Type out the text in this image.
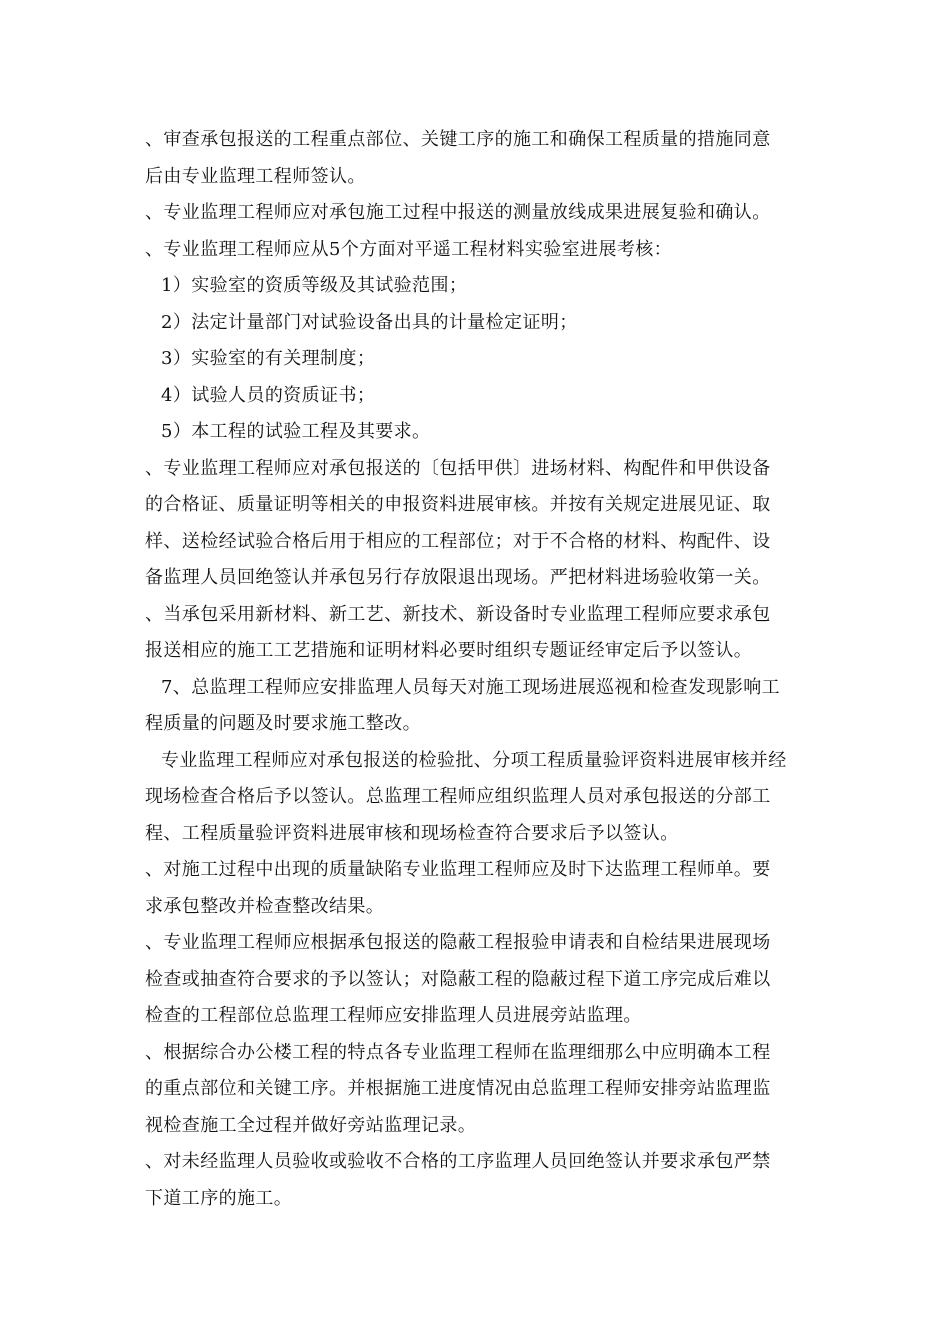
、审查承包报送的工程重点部位、关键工序的施工和确保工程质量的措施同意
后由专业监理工程师签认。
、专业监理工程师应对承包施工过程中报送的测量放线成果进展复验和确认。
、专业监理工程师应从5个方面对平遥工程材料实验室进展考核：
1）实验室的资质等级及其试验范围；
2）法定计量部门对试验设备出具的计量检定证明；
3）实验室的有关理制度；
4）试验人员的资质证书；
5）本工程的试验工程及其要求。
、专业监理工程师应对承包报送的〔包括甲供〕进场材料、构配件和甲供设备
的合格证、质量证明等相关的申报资料进展审核。并按有关规定进展见证、取
样、送检经试验合格后用于相应的工程部位；对于不合格的材料、构配件、设
备监理人员回绝签认并承包另行存放限退出现场。严把材料进场验收第一关。
、当承包采用新材料、新工艺、新技术、新设备时专业监理工程师应要求承包
报送相应的施工工艺措施和证明材料必要时组织专题证经审定后予以签认。
7、总监理工程师应安排监理人员每天对施工现场进展巡视和检查发现影响工
程质量的问题及时要求施工整改。
专业监理工程师应对承包报送的检验批、分项工程质量验评资料进展审核并经
现场检查合格后予以签认。总监理工程师应组织监理人员对承包报送的分部工
程、工程质量验评资料进展审核和现场检查符合要求后予以签认。
、对施工过程中出现的质量缺陷专业监理工程师应及时下达监理工程师单。要
求承包整改并检查整改结果。
、专业监理工程师应根据承包报送的隐蔽工程报验申请表和自检结果进展现场
检查或抽查符合要求的予以签认；对隐蔽工程的隐蔽过程下道工序完成后难以
检查的工程部位总监理工程师应安排监理人员进展旁站监理。
、根据综合办公楼工程的特点各专业监理工程师在监理细那么中应明确本工程
的重点部位和关键工序。并根据施工进度情况由总监理工程师安排旁站监理监
视检查施工全过程并做好旁站监理记录。
、对未经监理人员验收或验收不合格的工序监理人员回绝签认并要求承包严禁
下道工序的施工。
